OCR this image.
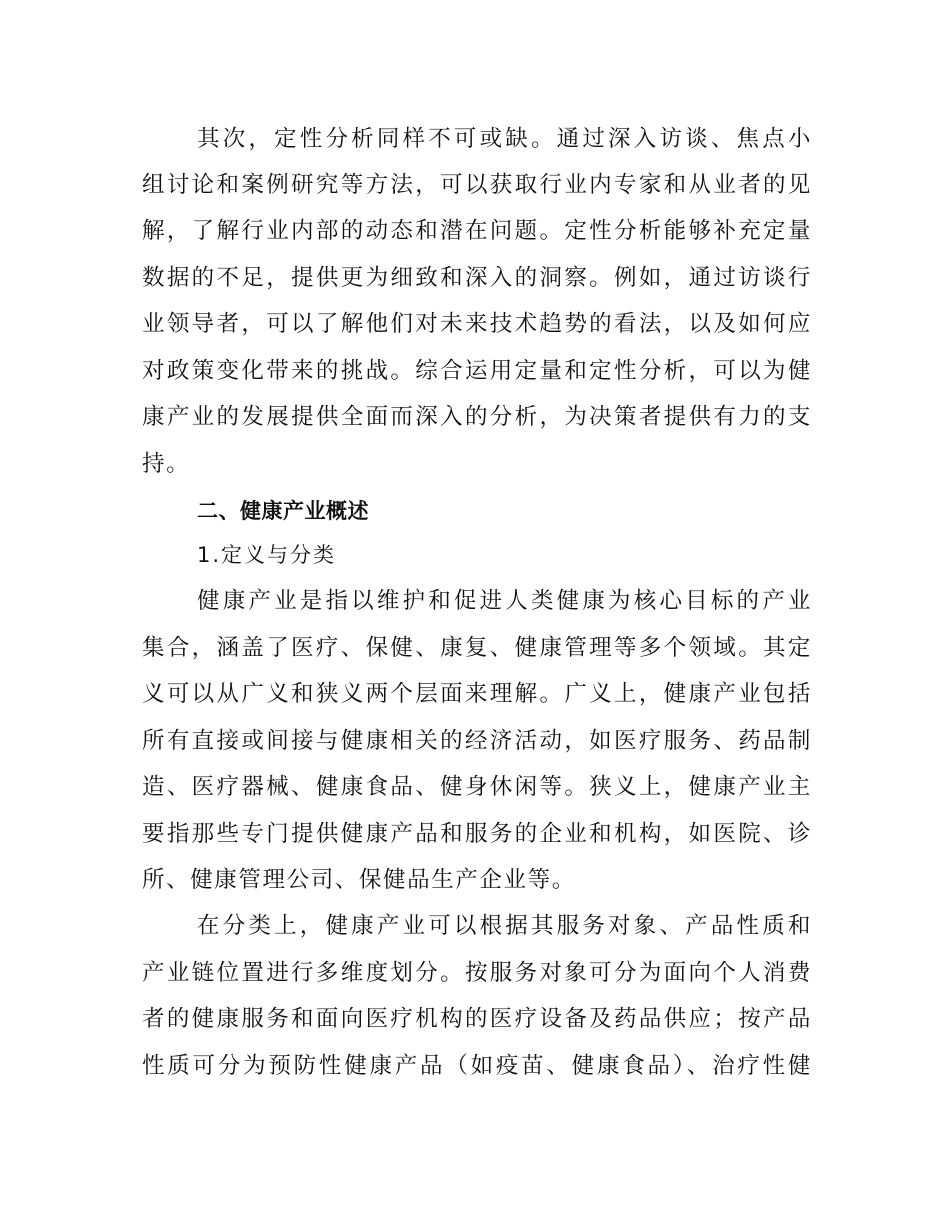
其次，定性分析同样不可或缺。通过深入访谈、焦点小
组讨论和案例研究等方法，可以获取行业内专家和从业者的见
解，了解行业内部的动态和潜在问题。定性分析能够补充定量
数据的不足，提供更为细致和深入的洞察。例如，通过访谈行
业领导者，可以了解他们对未来技术趋势的看法，以及如何应
对政策变化带来的挑战。综合运用定量和定性分析，可以为健
康产业的发展提供全面而深入的分析，为决策者提供有力的支
持。
二、健康产业概述
1.定义与分类
健康产业是指以维护和促进人类健康为核心目标的产业
集合，涵盖了医疗、保健、康复、健康管理等多个领域。其定
义可以从广义和狭义两个层面来理解。广义上，健康产业包括
所有直接或间接与健康相关的经济活动，如医疗服务、药品制
造、医疗器械、健康食品、健身休闲等。狭义上，健康产业主
要指那些专门提供健康产品和服务的企业和机构，如医院、诊
所、健康管理公司、保健品生产企业等。
在分类上，健康产业可以根据其服务对象、产品性质和
产业链位置进行多维度划分。按服务对象可分为面向个人消费
者的健康服务和面向医疗机构的医疗设备及药品供应；按产品
性质可分为预防性健康产品（如疫苗、健康食品）、治疗性健
